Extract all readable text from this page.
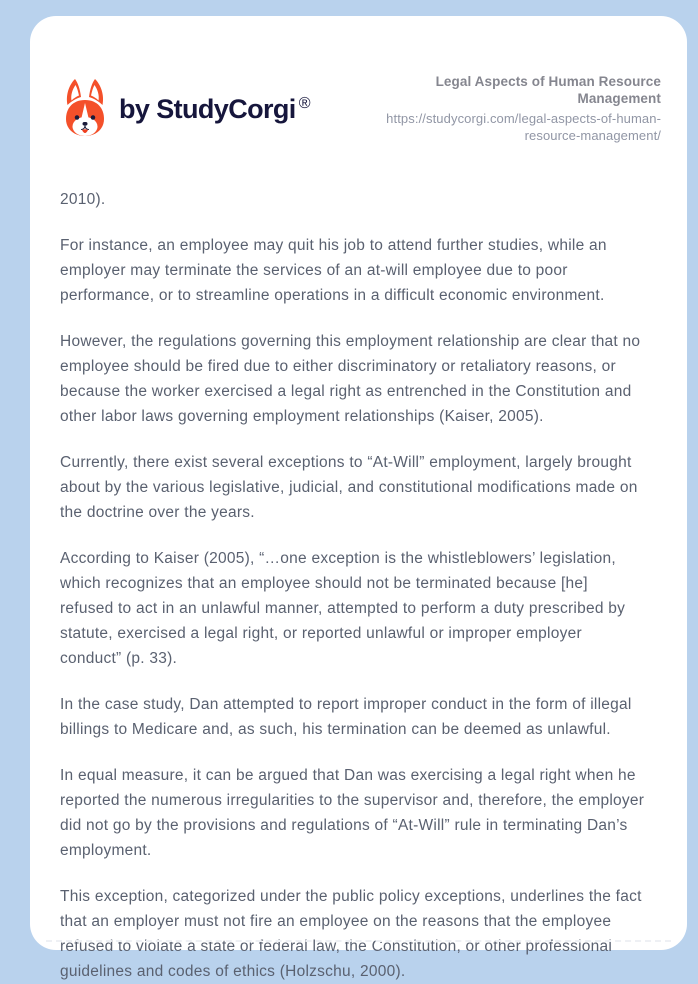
by StudyCorgi ®
Legal Aspects of Human Resource Management
https://studycorgi.com/legal-aspects-of-human-resource-management/

2010).

For instance, an employee may quit his job to attend further studies, while an employer may terminate the services of an at-will employee due to poor performance, or to streamline operations in a difficult economic environment.

However, the regulations governing this employment relationship are clear that no employee should be fired due to either discriminatory or retaliatory reasons, or because the worker exercised a legal right as entrenched in the Constitution and other labor laws governing employment relationships (Kaiser, 2005).

Currently, there exist several exceptions to “At-Will” employment, largely brought about by the various legislative, judicial, and constitutional modifications made on the doctrine over the years.

According to Kaiser (2005), “…one exception is the whistleblowers’ legislation, which recognizes that an employee should not be terminated because [he] refused to act in an unlawful manner, attempted to perform a duty prescribed by statute, exercised a legal right, or reported unlawful or improper employer conduct” (p. 33).

In the case study, Dan attempted to report improper conduct in the form of illegal billings to Medicare and, as such, his termination can be deemed as unlawful.

In equal measure, it can be argued that Dan was exercising a legal right when he reported the numerous irregularities to the supervisor and, therefore, the employer did not go by the provisions and regulations of “At-Will” rule in terminating Dan’s employment.

This exception, categorized under the public policy exceptions, underlines the fact that an employer must not fire an employee on the reasons that the employee refused to violate a state or federal law, the Constitution, or other professional guidelines and codes of ethics (Holzschu, 2000).
